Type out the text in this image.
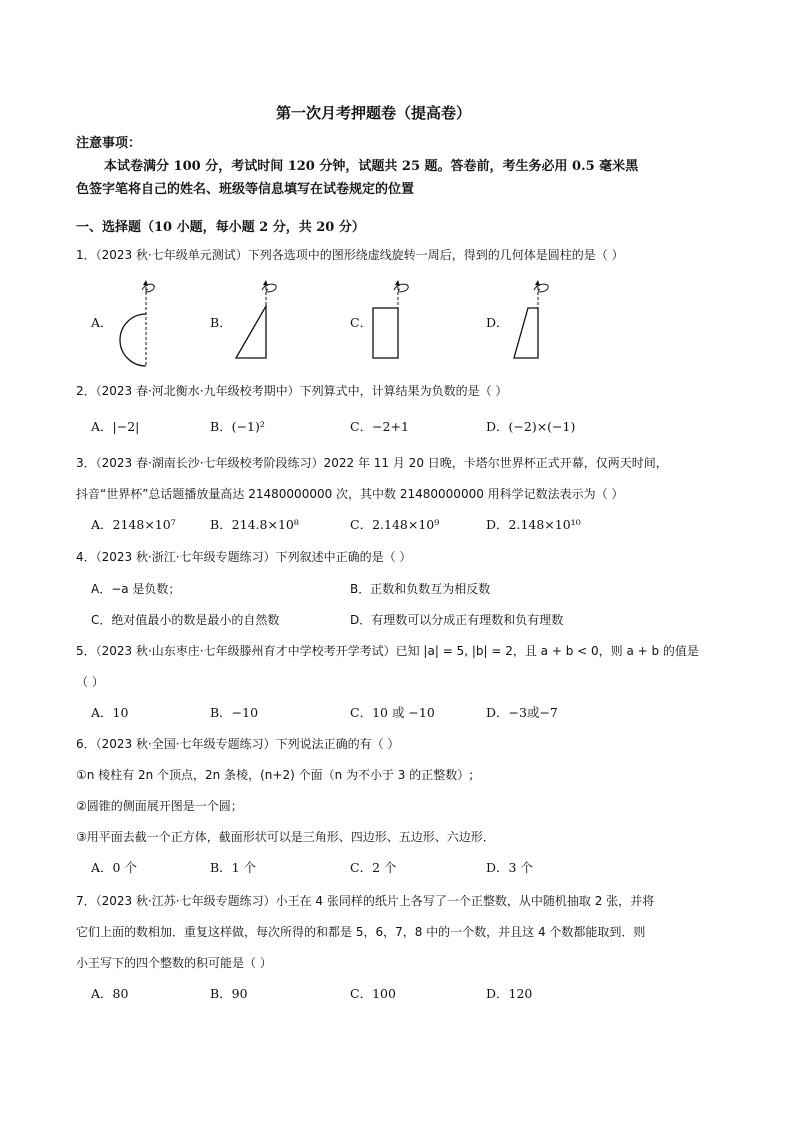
第一次月考押题卷（提高卷）
注意事项：
本试卷满分 100 分，考试时间 120 分钟，试题共 25 题。答卷前，考生务必用 0.5 毫米黑
色签字笔将自己的姓名、班级等信息填写在试卷规定的位置
一、选择题（10 小题，每小题 2 分，共 20 分）
1．（2023 秋·七年级单元测试）下列各选项中的图形绕虚线旋转一周后，得到的几何体是圆柱的是（ ）
A．	B．	C．	D．
2．（2023 春·河北衡水·九年级校考期中）下列算式中，计算结果为负数的是（ ）
A．|−2|	B．(−1)²	C．−2+1	D．(−2)×(−1)
3．（2023 春·湖南长沙·七年级校考阶段练习）2022 年 11 月 20 日晚，卡塔尔世界杯正式开幕，仅两天时间，
抖音“世界杯”总话题播放量高达 21480000000 次，其中数 21480000000 用科学记数法表示为（ ）
A．2148×10⁷	B．214.8×10⁸	C．2.148×10⁹	D．2.148×10¹⁰
4．（2023 秋·浙江·七年级专题练习）下列叙述中正确的是（ ）
A．−a 是负数；	B．正数和负数互为相反数
C．绝对值最小的数是最小的自然数	D．有理数可以分成正有理数和负有理数
5．（2023 秋·山东枣庄·七年级滕州育才中学校考开学考试）已知 |a| = 5, |b| = 2，且 a + b < 0，则 a + b 的值是
（ ）
A．10	B．−10	C．10 或 −10	D．−3或−7
6．（2023 秋·全国·七年级专题练习）下列说法正确的有（ ）
①n 棱柱有 2n 个顶点，2n 条棱，(n+2) 个面（n 为不小于 3 的正整数）;
②圆锥的侧面展开图是一个圆；
③用平面去截一个正方体，截面形状可以是三角形、四边形、五边形、六边形．
A．0 个	B．1 个	C．2 个	D．3 个
7．（2023 秋·江苏·七年级专题练习）小王在 4 张同样的纸片上各写了一个正整数，从中随机抽取 2 张，并将
它们上面的数相加．重复这样做，每次所得的和都是 5，6，7，8 中的一个数，并且这 4 个数都能取到．则
小王写下的四个整数的积可能是（ ）
A．80	B．90	C．100	D．120
